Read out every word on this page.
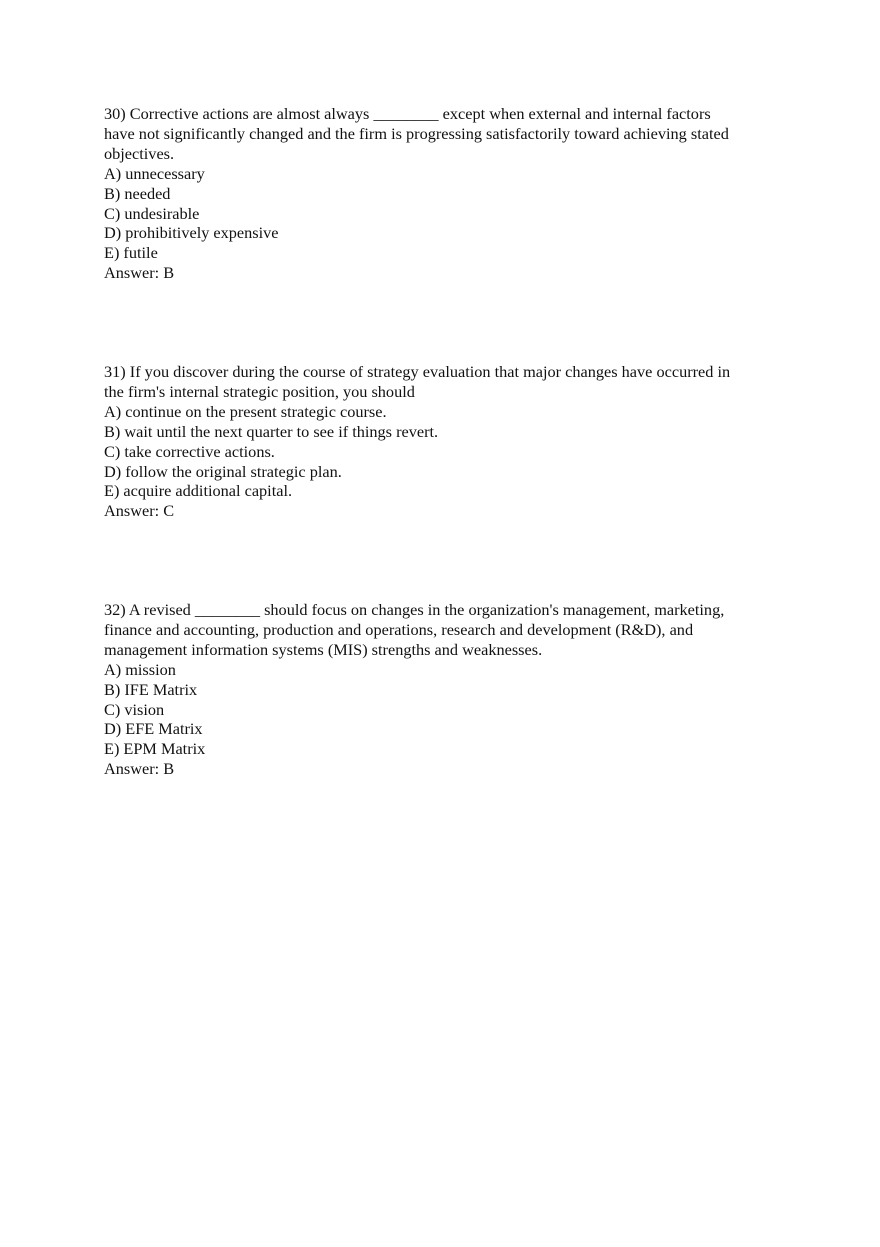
30) Corrective actions are almost always ________ except when external and internal factors
have not significantly changed and the firm is progressing satisfactorily toward achieving stated
objectives.
A) unnecessary
B) needed
C) undesirable
D) prohibitively expensive
E) futile
Answer: B
31) If you discover during the course of strategy evaluation that major changes have occurred in
the firm's internal strategic position, you should
A) continue on the present strategic course.
B) wait until the next quarter to see if things revert.
C) take corrective actions.
D) follow the original strategic plan.
E) acquire additional capital.
Answer: C
32) A revised ________ should focus on changes in the organization's management, marketing,
finance and accounting, production and operations, research and development (R&D), and
management information systems (MIS) strengths and weaknesses.
A) mission
B) IFE Matrix
C) vision
D) EFE Matrix
E) EPM Matrix
Answer: B
